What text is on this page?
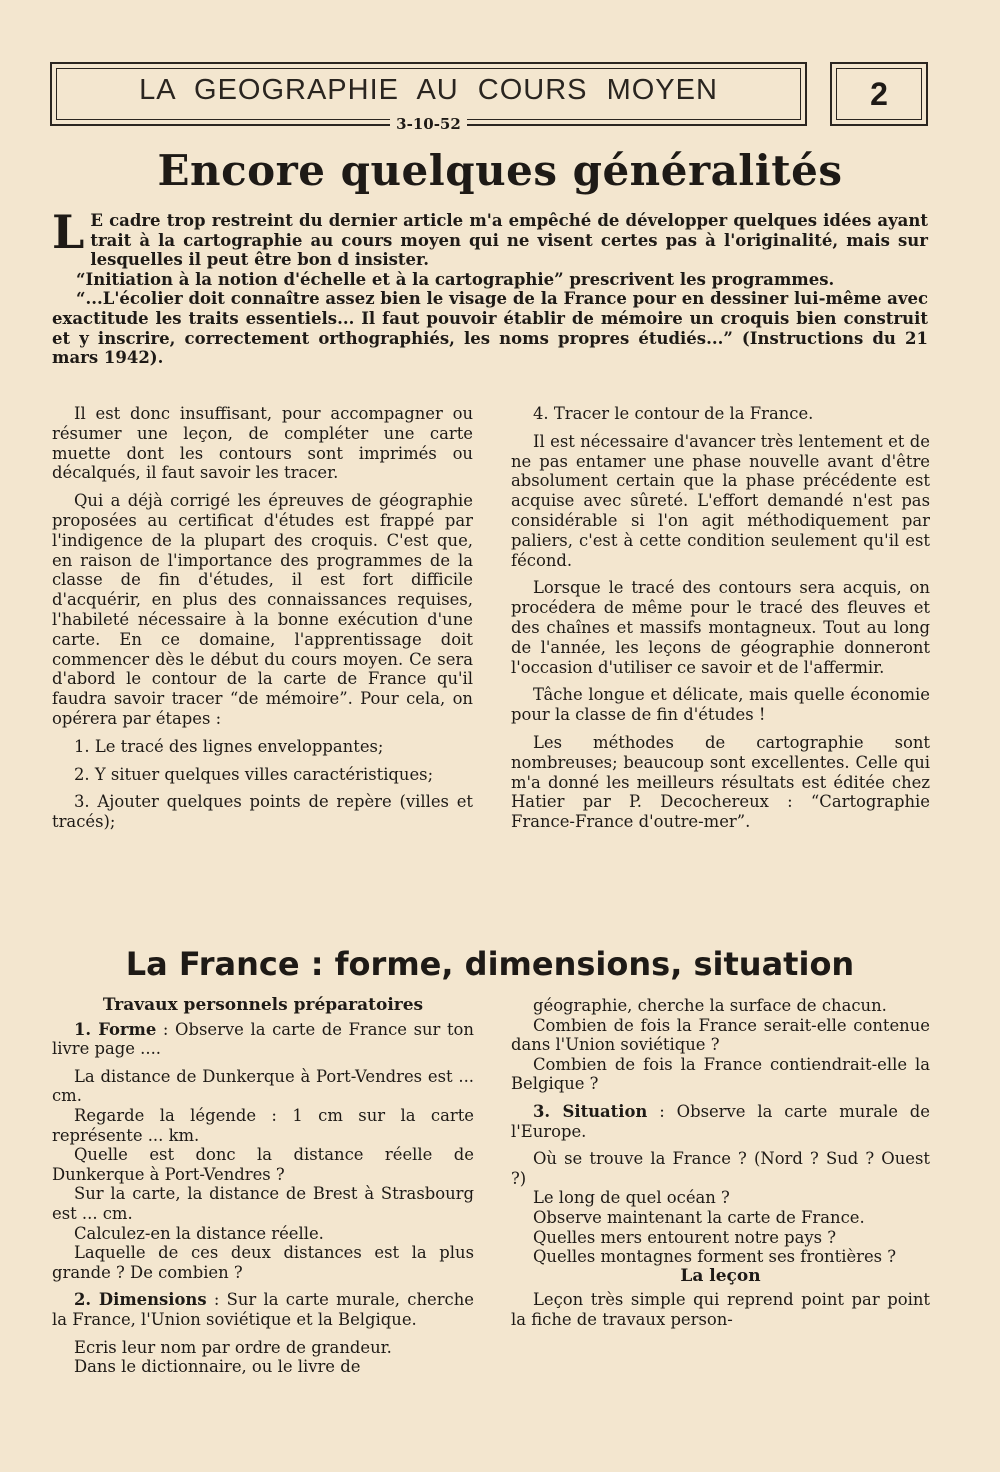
LA GEOGRAPHIE AU COURS MOYEN
3-10-52
2
Encore quelques généralités

L E cadre trop restreint du dernier article m'a empêché de développer quelques idées ayant trait à la cartographie au cours moyen qui ne visent certes pas à l'originalité, mais sur lesquelles il peut être bon d insister.

“Initiation à la notion d'échelle et à la cartographie” prescrivent les programmes.

“...L'écolier doit connaître assez bien le visage de la France pour en dessiner lui-même avec exactitude les traits essentiels... Il faut pouvoir établir de mémoire un croquis bien construit et y inscrire, correctement orthographiés, les noms propres étudiés...” (Instructions du 21 mars 1942).

Il est donc insuffisant, pour accompagner ou résumer une leçon, de compléter une carte muette dont les contours sont imprimés ou décalqués, il faut savoir les tracer.

Qui a déjà corrigé les épreuves de géographie proposées au certificat d'études est frappé par l'indigence de la plupart des croquis. C'est que, en raison de l'importance des programmes de la classe de fin d'études, il est fort difficile d'acquérir, en plus des connaissances requises, l'habileté nécessaire à la bonne exécution d'une carte. En ce domaine, l'apprentissage doit commencer dès le début du cours moyen. Ce sera d'abord le contour de la carte de France qu'il faudra savoir tracer “de mémoire”. Pour cela, on opérera par étapes :

1. Le tracé des lignes enveloppantes;

2. Y situer quelques villes caractéristiques;

3. Ajouter quelques points de repère (villes et tracés);

4. Tracer le contour de la France.

Il est nécessaire d'avancer très lentement et de ne pas entamer une phase nouvelle avant d'être absolument certain que la phase précédente est acquise avec sûreté. L'effort demandé n'est pas considérable si l'on agit méthodiquement par paliers, c'est à cette condition seulement qu'il est fécond.

Lorsque le tracé des contours sera acquis, on procédera de même pour le tracé des fleuves et des chaînes et massifs montagneux. Tout au long de l'année, les leçons de géographie donneront l'occasion d'utiliser ce savoir et de l'affermir.

Tâche longue et délicate, mais quelle économie pour la classe de fin d'études !

Les méthodes de cartographie sont nombreuses; beaucoup sont excellentes. Celle qui m'a donné les meilleurs résultats est éditée chez Hatier par P. Decochereux : “Cartographie France-France d'outre-mer”.

La France : forme, dimensions, situation

Travaux personnels préparatoires

1. Forme : Observe la carte de France sur ton livre page ....

La distance de Dunkerque à Port-Vendres est ... cm.

Regarde la légende : 1 cm sur la carte représente ... km.

Quelle est donc la distance réelle de Dunkerque à Port-Vendres ?

Sur la carte, la distance de Brest à Strasbourg est ... cm.

Calculez-en la distance réelle.

Laquelle de ces deux distances est la plus grande ? De combien ?

2. Dimensions : Sur la carte murale, cherche la France, l'Union soviétique et la Belgique.

Ecris leur nom par ordre de grandeur.

Dans le dictionnaire, ou le livre de

géographie, cherche la surface de chacun.

Combien de fois la France serait-elle contenue dans l'Union soviétique ?

Combien de fois la France contiendrait-elle la Belgique ?

3. Situation : Observe la carte murale de l'Europe.

Où se trouve la France ? (Nord ? Sud ? Ouest ?)

Le long de quel océan ?

Observe maintenant la carte de France.

Quelles mers entourent notre pays ?

Quelles montagnes forment ses frontières ?

La leçon

Leçon très simple qui reprend point par point la fiche de travaux person-
